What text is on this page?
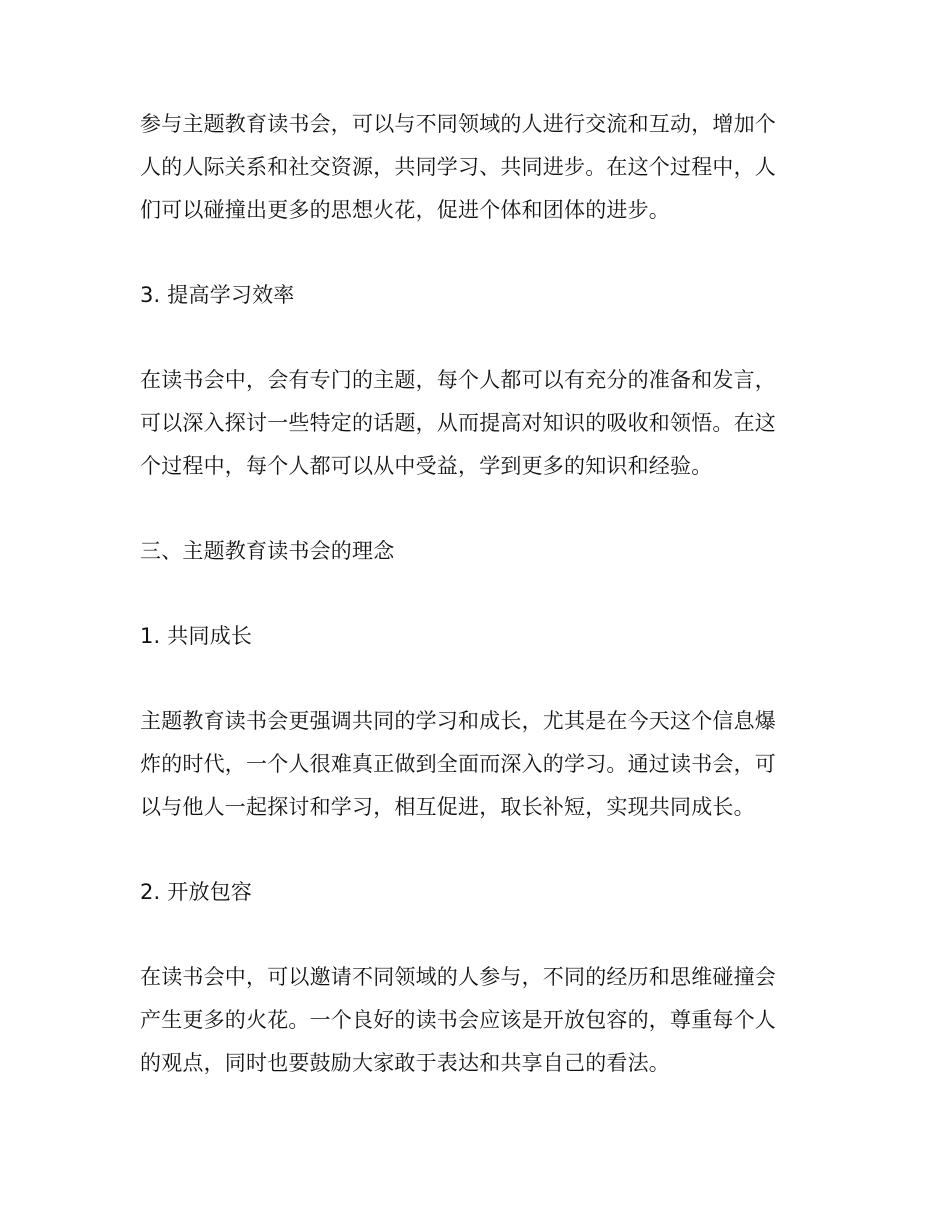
参与主题教育读书会，可以与不同领域的人进行交流和互动，增加个人的人际关系和社交资源，共同学习、共同进步。在这个过程中，人们可以碰撞出更多的思想火花，促进个体和团体的进步。

3. 提高学习效率

在读书会中，会有专门的主题，每个人都可以有充分的准备和发言，可以深入探讨一些特定的话题，从而提高对知识的吸收和领悟。在这个过程中，每个人都可以从中受益，学到更多的知识和经验。

三、主题教育读书会的理念

1. 共同成长

主题教育读书会更强调共同的学习和成长，尤其是在今天这个信息爆炸的时代，一个人很难真正做到全面而深入的学习。通过读书会，可以与他人一起探讨和学习，相互促进，取长补短，实现共同成长。

2. 开放包容

在读书会中，可以邀请不同领域的人参与，不同的经历和思维碰撞会产生更多的火花。一个良好的读书会应该是开放包容的，尊重每个人的观点，同时也要鼓励大家敢于表达和共享自己的看法。
